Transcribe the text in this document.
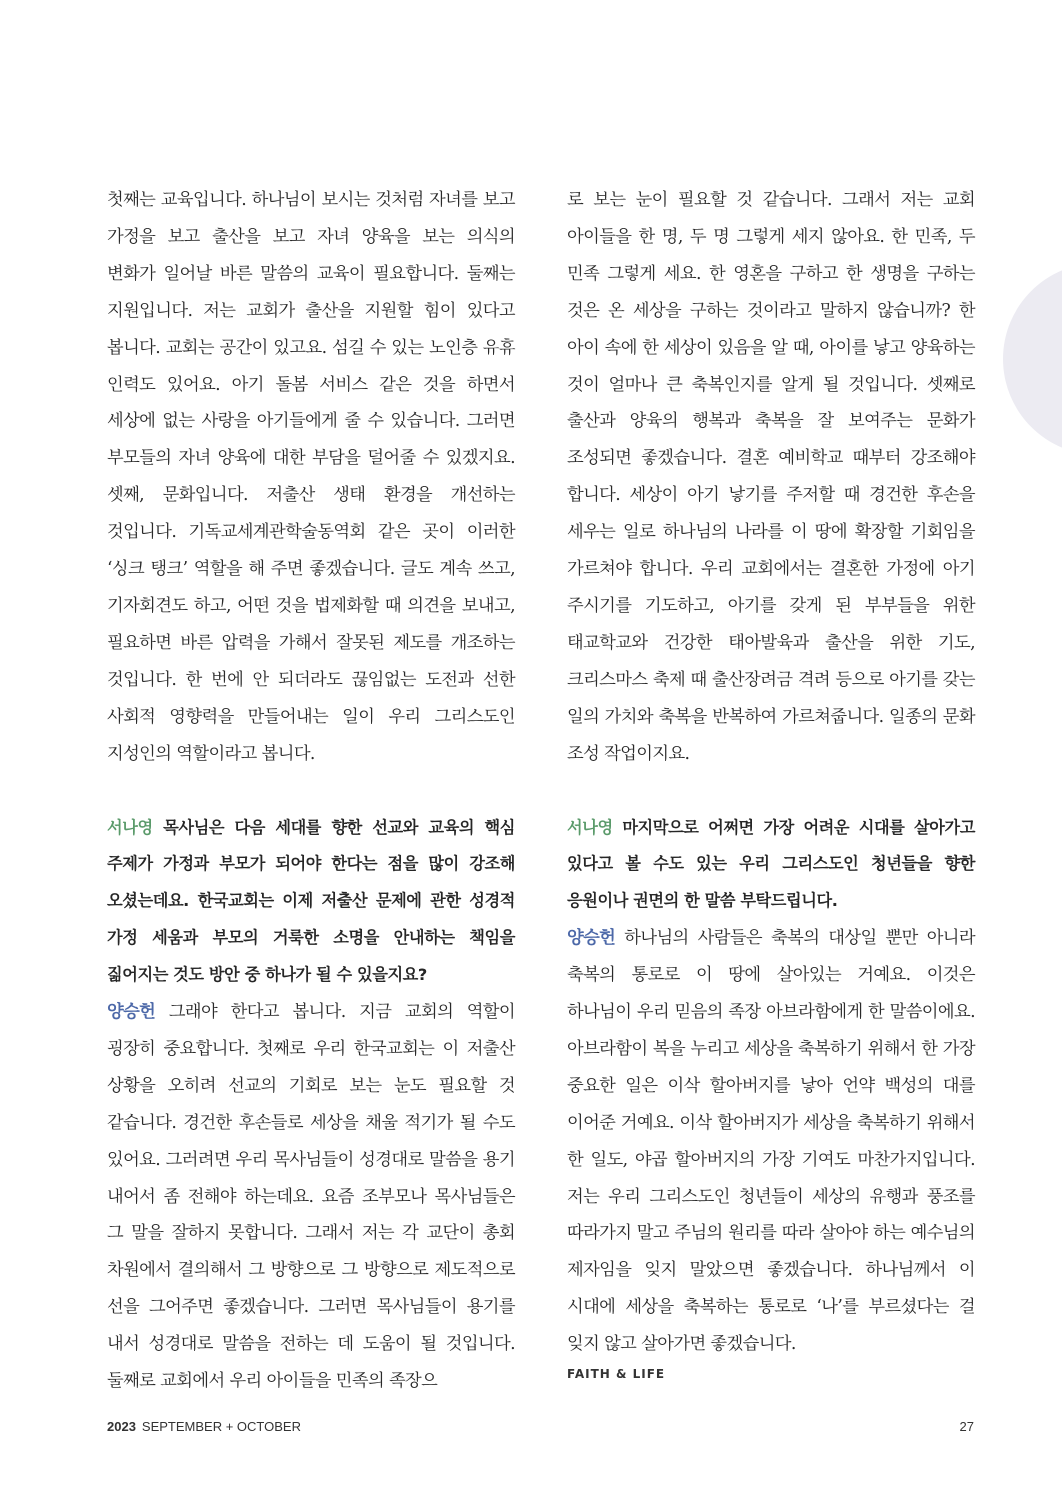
첫째는 교육입니다. 하나님이 보시는 것처럼 자녀를 보고 가정을 보고 출산을 보고 자녀 양육을 보는 의식의 변화가 일어날 바른 말씀의 교육이 필요합니다. 둘째는 지원입니다. 저는 교회가 출산을 지원할 힘이 있다고 봅니다. 교회는 공간이 있고요. 섬길 수 있는 노인층 유휴 인력도 있어요. 아기 돌봄 서비스 같은 것을 하면서 세상에 없는 사랑을 아기들에게 줄 수 있습니다. 그러면 부모들의 자녀 양육에 대한 부담을 덜어줄 수 있겠지요. 셋째, 문화입니다. 저출산 생태 환경을 개선하는 것입니다. 기독교세계관학술동역회 같은 곳이 이러한 ‘싱크 탱크’ 역할을 해 주면 좋겠습니다. 글도 계속 쓰고, 기자회견도 하고, 어떤 것을 법제화할 때 의견을 보내고, 필요하면 바른 압력을 가해서 잘못된 제도를 개조하는 것입니다. 한 번에 안 되더라도 끊임없는 도전과 선한 사회적 영향력을 만들어내는 일이 우리 그리스도인 지성인의 역할이라고 봅니다.

서나영 목사님은 다음 세대를 향한 선교와 교육의 핵심 주제가 가정과 부모가 되어야 한다는 점을 많이 강조해 오셨는데요. 한국교회는 이제 저출산 문제에 관한 성경적 가정 세움과 부모의 거룩한 소명을 안내하는 책임을 짊어지는 것도 방안 중 하나가 될 수 있을지요?

양승헌 그래야 한다고 봅니다. 지금 교회의 역할이 굉장히 중요합니다. 첫째로 우리 한국교회는 이 저출산 상황을 오히려 선교의 기회로 보는 눈도 필요할 것 같습니다. 경건한 후손들로 세상을 채울 적기가 될 수도 있어요. 그러려면 우리 목사님들이 성경대로 말씀을 용기 내어서 좀 전해야 하는데요. 요즘 조부모나 목사님들은 그 말을 잘하지 못합니다. 그래서 저는 각 교단이 총회 차원에서 결의해서 그 방향으로 그 방향으로 제도적으로 선을 그어주면 좋겠습니다. 그러면 목사님들이 용기를 내서 성경대로 말씀을 전하는 데 도움이 될 것입니다. 둘째로 교회에서 우리 아이들을 민족의 족장으

로 보는 눈이 필요할 것 같습니다. 그래서 저는 교회 아이들을 한 명, 두 명 그렇게 세지 않아요. 한 민족, 두 민족 그렇게 세요. 한 영혼을 구하고 한 생명을 구하는 것은 온 세상을 구하는 것이라고 말하지 않습니까? 한 아이 속에 한 세상이 있음을 알 때, 아이를 낳고 양육하는 것이 얼마나 큰 축복인지를 알게 될 것입니다. 셋째로 출산과 양육의 행복과 축복을 잘 보여주는 문화가 조성되면 좋겠습니다. 결혼 예비학교 때부터 강조해야 합니다. 세상이 아기 낳기를 주저할 때 경건한 후손을 세우는 일로 하나님의 나라를 이 땅에 확장할 기회임을 가르쳐야 합니다. 우리 교회에서는 결혼한 가정에 아기 주시기를 기도하고, 아기를 갖게 된 부부들을 위한 태교학교와 건강한 태아발육과 출산을 위한 기도, 크리스마스 축제 때 출산장려금 격려 등으로 아기를 갖는 일의 가치와 축복을 반복하여 가르쳐줍니다. 일종의 문화 조성 작업이지요.

서나영 마지막으로 어쩌면 가장 어려운 시대를 살아가고 있다고 볼 수도 있는 우리 그리스도인 청년들을 향한 응원이나 권면의 한 말씀 부탁드립니다.

양승헌 하나님의 사람들은 축복의 대상일 뿐만 아니라 축복의 통로로 이 땅에 살아있는 거예요. 이것은 하나님이 우리 믿음의 족장 아브라함에게 한 말씀이에요. 아브라함이 복을 누리고 세상을 축복하기 위해서 한 가장 중요한 일은 이삭 할아버지를 낳아 언약 백성의 대를 이어준 거예요. 이삭 할아버지가 세상을 축복하기 위해서 한 일도, 야곱 할아버지의 가장 기여도 마찬가지입니다. 저는 우리 그리스도인 청년들이 세상의 유행과 풍조를 따라가지 말고 주님의 원리를 따라 살아야 하는 예수님의 제자임을 잊지 말았으면 좋겠습니다. 하나님께서 이 시대에 세상을 축복하는 통로로 ‘나’를 부르셨다는 걸 잊지 않고 살아가면 좋겠습니다.

FAITH & LIFE
2023 SEPTEMBER + OCTOBER	27
